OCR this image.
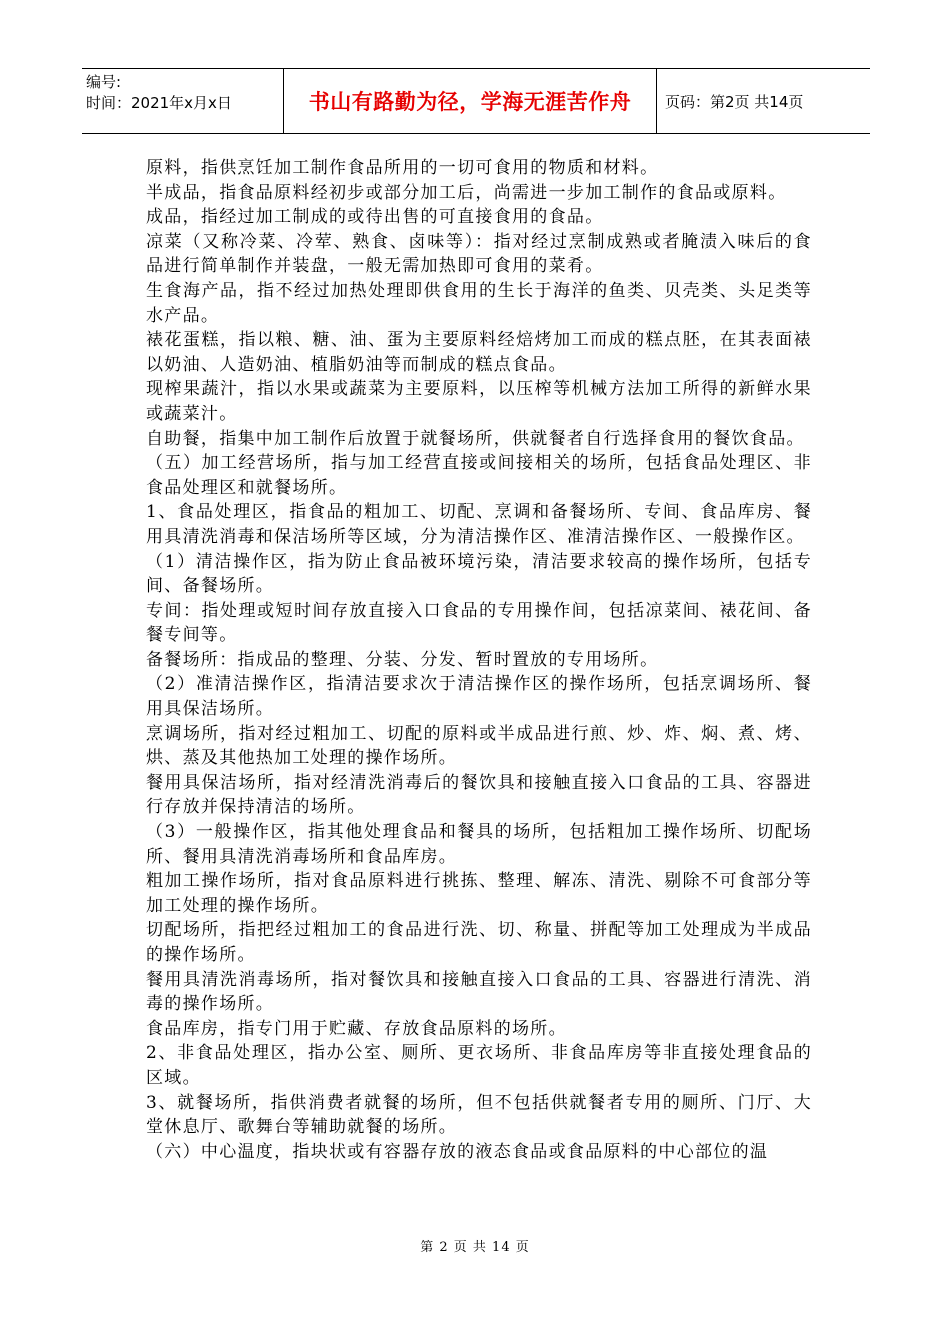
编号:
时间：2021年x月x日	书山有路勤为径，学海无涯苦作舟	页码：第2页 共14页

原料，指供烹饪加工制作食品所用的一切可食用的物质和材料。

半成品，指食品原料经初步或部分加工后，尚需进一步加工制作的食品或原料。

成品，指经过加工制成的或待出售的可直接食用的食品。

凉菜（又称冷菜、冷荤、熟食、卤味等）：指对经过烹制成熟或者腌渍入味后的食品进行简单制作并装盘，一般无需加热即可食用的菜肴。

生食海产品，指不经过加热处理即供食用的生长于海洋的鱼类、贝壳类、头足类等水产品。

裱花蛋糕，指以粮、糖、油、蛋为主要原料经焙烤加工而成的糕点胚，在其表面裱以奶油、人造奶油、植脂奶油等而制成的糕点食品。

现榨果蔬汁，指以水果或蔬菜为主要原料，以压榨等机械方法加工所得的新鲜水果或蔬菜汁。

自助餐，指集中加工制作后放置于就餐场所，供就餐者自行选择食用的餐饮食品。

（五）加工经营场所，指与加工经营直接或间接相关的场所，包括食品处理区、非食品处理区和就餐场所。

1、食品处理区，指食品的粗加工、切配、烹调和备餐场所、专间、食品库房、餐用具清洗消毒和保洁场所等区域，分为清洁操作区、准清洁操作区、一般操作区。

（1）清洁操作区，指为防止食品被环境污染，清洁要求较高的操作场所，包括专间、备餐场所。

专间：指处理或短时间存放直接入口食品的专用操作间，包括凉菜间、裱花间、备餐专间等。

备餐场所：指成品的整理、分装、分发、暂时置放的专用场所。

（2）准清洁操作区，指清洁要求次于清洁操作区的操作场所，包括烹调场所、餐用具保洁场所。

烹调场所，指对经过粗加工、切配的原料或半成品进行煎、炒、炸、焖、煮、烤、烘、蒸及其他热加工处理的操作场所。

餐用具保洁场所，指对经清洗消毒后的餐饮具和接触直接入口食品的工具、容器进行存放并保持清洁的场所。

（3）一般操作区，指其他处理食品和餐具的场所，包括粗加工操作场所、切配场所、餐用具清洗消毒场所和食品库房。

粗加工操作场所，指对食品原料进行挑拣、整理、解冻、清洗、剔除不可食部分等加工处理的操作场所。

切配场所，指把经过粗加工的食品进行洗、切、称量、拼配等加工处理成为半成品的操作场所。

餐用具清洗消毒场所，指对餐饮具和接触直接入口食品的工具、容器进行清洗、消毒的操作场所。

食品库房，指专门用于贮藏、存放食品原料的场所。

2、非食品处理区，指办公室、厕所、更衣场所、非食品库房等非直接处理食品的区域。

3、就餐场所，指供消费者就餐的场所，但不包括供就餐者专用的厕所、门厅、大堂休息厅、歌舞台等辅助就餐的场所。

（六）中心温度，指块状或有容器存放的液态食品或食品原料的中心部位的温

第 2 页 共 14 页
